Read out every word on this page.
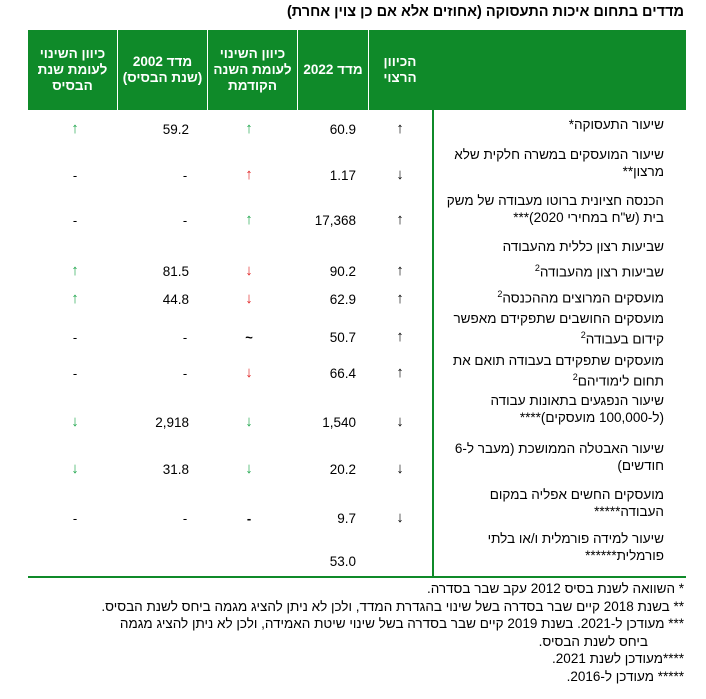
מדדים בתחום איכות התעסוקה (אחוזים אלא אם כן צוין אחרת)
הכיוון הרצוי
מדד 2022
כיוון השינוי לעומת השנה הקודמת
מדד 2002 (שנת הבסיס)
כיוון השינוי לעומת שנת הבסיס
שיעור התעסוקה*
↑
60.9
↑
59.2
↑
שיעור המועסקים במשרה חלקית שלא מרצון**
↓
1.17
↑
-
-
הכנסה חציונית ברוטו מעבודה של משק בית (ש"ח במחירי 2020)***
↑
17,368
↑
-
-
שביעות רצון כללית מהעבודה
שביעות רצון מהעבודה$^2$
↑
90.2
↓
81.5
↑
מועסקים המרוצים מההכנסה$^2$
↑
62.9
↓
44.8
↑
מועסקים החושבים שתפקידם מאפשר קידום בעבודה$^2$
↑
50.7
~
-
-
מועסקים שתפקידם בעבודה תואם את תחום לימודיהם$^2$
↑
66.4
↓
-
-
שיעור הנפגעים בתאונות עבודה (ל-100,000 מועסקים)****
↓
1,540
↓
2,918
↓
שיעור האבטלה הממושכת (מעבר ל-6 חודשים)
↓
20.2
↓
31.8
↓
מועסקים החשים אפליה במקום העבודה*****
↓
9.7
-
-
-
שיעור למידה פורמלית ו/או בלתי פורמלית******
53.0
* השוואה לשנת בסיס 2012 עקב שבר בסדרה.
** בשנת 2018 קיים שבר בסדרה בשל שינוי בהגדרת המדד, ולכן לא ניתן להציג מגמה ביחס לשנת הבסיס.
*** מעודכן ל-2021. בשנת 2019 קיים שבר בסדרה בשל שינוי שיטת האמידה, ולכן לא ניתן להציג מגמה
ביחס לשנת הבסיס.
****מעודכן לשנת 2021.
***** מעודכן ל-2016.
